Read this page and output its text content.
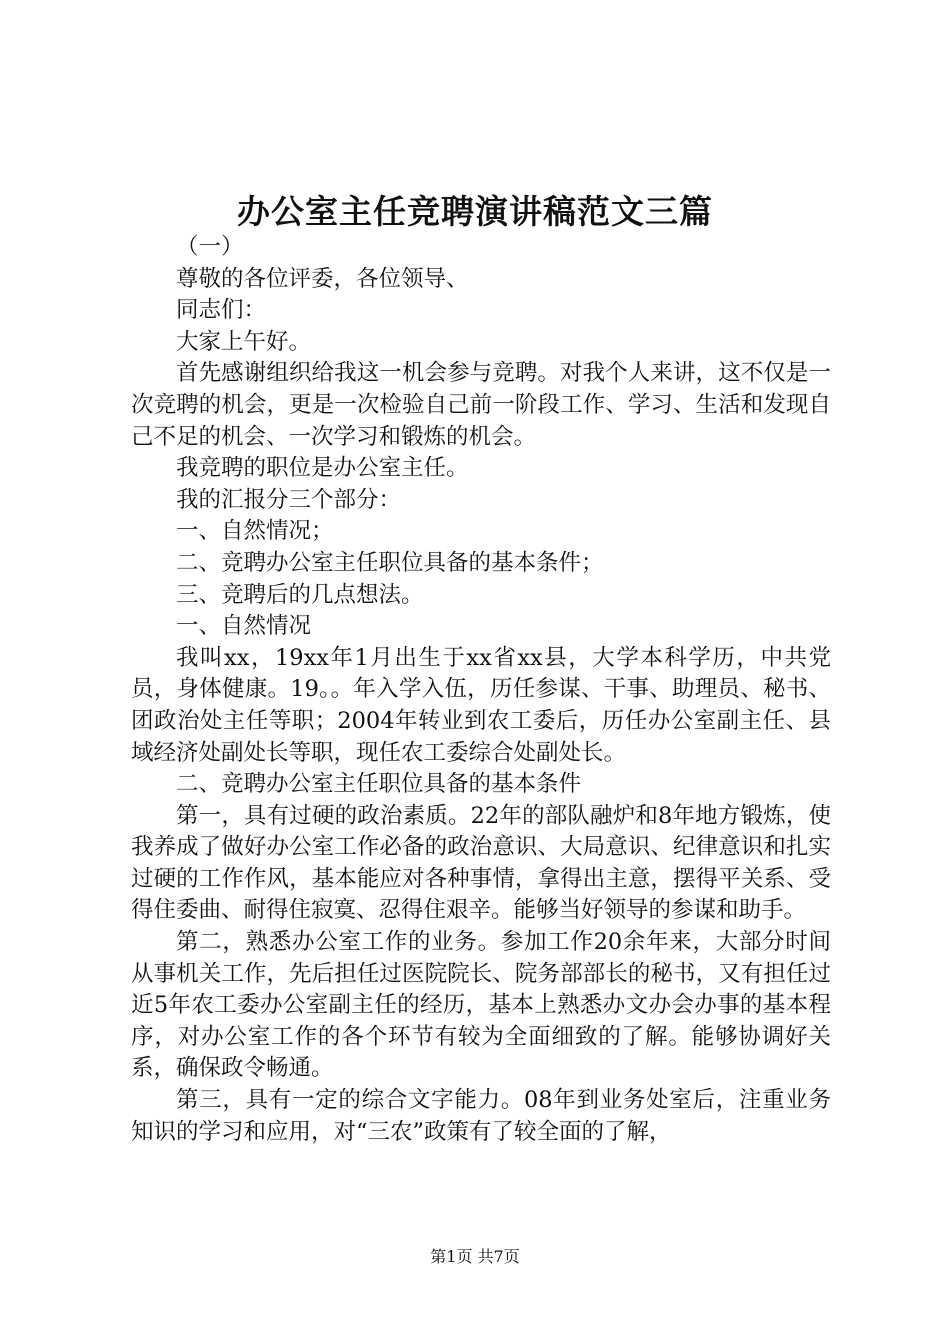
办公室主任竞聘演讲稿范文三篇

（一）

尊敬的各位评委，各位领导、

同志们：

大家上午好。

首先感谢组织给我这一机会参与竞聘。对我个人来讲，这不仅是一次竞聘的机会，更是一次检验自己前一阶段工作、学习、生活和发现自己不足的机会、一次学习和锻炼的机会。

我竞聘的职位是办公室主任。

我的汇报分三个部分：

一、自然情况；

二、竞聘办公室主任职位具备的基本条件；

三、竞聘后的几点想法。

一、自然情况

我叫xx，19xx年1月出生于xx省xx县，大学本科学历，中共党员，身体健康。19。。年入学入伍，历任参谋、干事、助理员、秘书、团政治处主任等职；2004年转业到农工委后，历任办公室副主任、县域经济处副处长等职，现任农工委综合处副处长。

二、竞聘办公室主任职位具备的基本条件

第一，具有过硬的政治素质。22年的部队融炉和8年地方锻炼，使我养成了做好办公室工作必备的政治意识、大局意识、纪律意识和扎实过硬的工作作风，基本能应对各种事情，拿得出主意，摆得平关系、受得住委曲、耐得住寂寞、忍得住艰辛。能够当好领导的参谋和助手。

第二，熟悉办公室工作的业务。参加工作20余年来，大部分时间从事机关工作，先后担任过医院院长、院务部部长的秘书，又有担任过近5年农工委办公室副主任的经历，基本上熟悉办文办会办事的基本程序，对办公室工作的各个环节有较为全面细致的了解。能够协调好关系，确保政令畅通。

第三，具有一定的综合文字能力。08年到业务处室后，注重业务知识的学习和应用，对“三农”政策有了较全面的了解，

第1页 共7页
